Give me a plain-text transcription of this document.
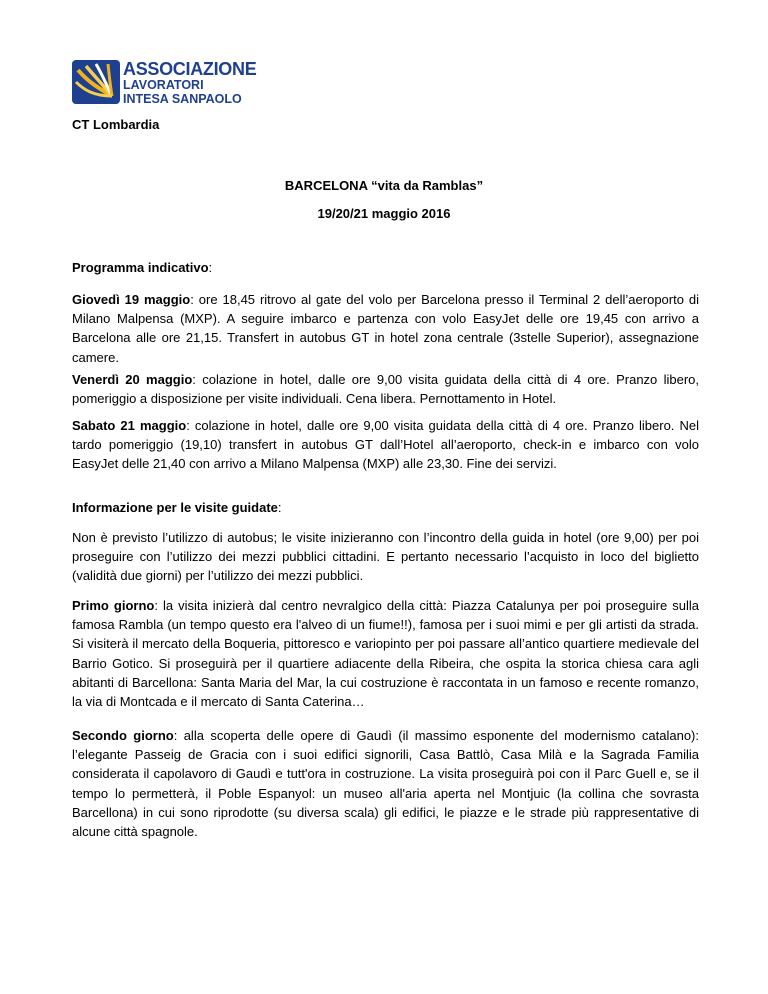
ASSOCIAZIONE
LAVORATORI
INTESA SANPAOLO
CT Lombardia
BARCELONA “vita da Ramblas”
19/20/21 maggio 2016
Programma indicativo:
Giovedì 19 maggio: ore 18,45 ritrovo al gate del volo per Barcelona presso il Terminal 2 dell’aeroporto di Milano Malpensa (MXP). A seguire imbarco e partenza con volo EasyJet delle ore 19,45 con arrivo a Barcelona alle ore 21,15. Transfert in autobus GT in hotel zona centrale (3stelle Superior), assegnazione camere.
Venerdì 20 maggio: colazione in hotel, dalle ore 9,00 visita guidata della città di 4 ore. Pranzo libero, pomeriggio a disposizione per visite individuali. Cena libera. Pernottamento in Hotel.
Sabato 21 maggio: colazione in hotel, dalle ore 9,00 visita guidata della città di 4 ore. Pranzo libero. Nel tardo pomeriggio (19,10) transfert in autobus GT dall’Hotel all’aeroporto, check-in e imbarco con volo EasyJet delle 21,40 con arrivo a Milano Malpensa (MXP) alle 23,30. Fine dei servizi.
Informazione per le visite guidate:
Non è previsto l’utilizzo di autobus; le visite inizieranno con l’incontro della guida in hotel (ore 9,00) per poi proseguire con l’utilizzo dei mezzi pubblici cittadini. E pertanto necessario l’acquisto in loco del biglietto (validità due giorni) per l’utilizzo dei mezzi pubblici.
Primo giorno: la visita inizierà dal centro nevralgico della città: Piazza Catalunya per poi proseguire sulla famosa Rambla (un tempo questo era l'alveo di un fiume!!), famosa per i suoi mimi e per gli artisti da strada. Si visiterà il mercato della Boqueria, pittoresco e variopinto per poi passare all’antico quartiere medievale del Barrio Gotico. Si proseguirà per il quartiere adiacente della Ribeira, che ospita la storica chiesa cara agli abitanti di Barcellona: Santa Maria del Mar, la cui costruzione è raccontata in un famoso e recente romanzo, la via di Montcada e il mercato di Santa Caterina…
Secondo giorno: alla scoperta delle opere di Gaudì (il massimo esponente del modernismo catalano): l’elegante Passeig de Gracia con i suoi edifici signorili, Casa Battlò, Casa Milà e la Sagrada Familia considerata il capolavoro di Gaudì e tutt'ora in costruzione. La visita proseguirà poi con il Parc Guell e, se il tempo lo permetterà, il Poble Espanyol: un museo all'aria aperta nel Montjuic (la collina che sovrasta Barcellona) in cui sono riprodotte (su diversa scala) gli edifici, le piazze e le strade più rappresentative di alcune città spagnole.
